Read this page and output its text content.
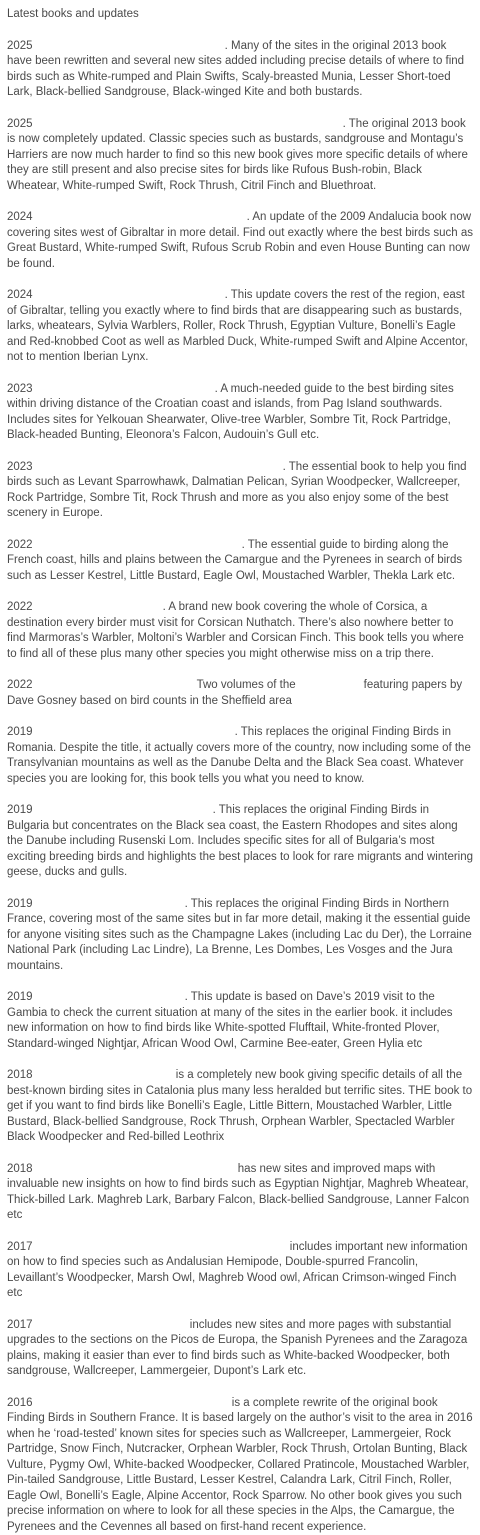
Latest books and updates

2025	. Many of the sites in the original 2013 book have been rewritten and several new sites added including precise details of where to find birds such as White-rumped and Plain Swifts, Scaly-breasted Munia, Lesser Short-toed Lark, Black-bellied Sandgrouse, Black-winged Kite and both bustards.

2025	. The original 2013 book is now completely updated. Classic species such as bustards, sandgrouse and Montagu’s Harriers are now much harder to find so this new book gives more specific details of where they are still present and also precise sites for birds like Rufous Bush-robin, Black Wheatear, White-rumped Swift, Rock Thrush, Citril Finch and Bluethroat.

2024	. An update of the 2009 Andalucia book now covering sites west of Gibraltar in more detail. Find out exactly where the best birds such as Great Bustard, White-rumped Swift, Rufous Scrub Robin and even House Bunting can now be found.

2024	. This update covers the rest of the region, east of Gibraltar, telling you exactly where to find birds that are disappearing such as bustards, larks, wheatears, Sylvia Warblers, Roller, Rock Thrush, Egyptian Vulture, Bonelli’s Eagle and Red-knobbed Coot as well as Marbled Duck, White-rumped Swift and Alpine Accentor, not to mention Iberian Lynx.

2023	. A much-needed guide to the best birding sites within driving distance of the Croatian coast and islands, from Pag Island southwards. Includes sites for Yelkouan Shearwater, Olive-tree Warbler, Sombre Tit, Rock Partridge, Black-headed Bunting, Eleonora’s Falcon, Audouin’s Gull etc.

2023	. The essential book to help you find birds such as Levant Sparrowhawk, Dalmatian Pelican, Syrian Woodpecker, Wallcreeper, Rock Partridge, Sombre Tit, Rock Thrush and more as you also enjoy some of the best scenery in Europe.

2022	. The essential guide to birding along the French coast, hills and plains between the Camargue and the Pyrenees in search of birds such as Lesser Kestrel, Little Bustard, Eagle Owl, Moustached Warbler, Thekla Lark etc.

2022	. A brand new book covering the whole of Corsica, a destination every birder must visit for Corsican Nuthatch. There’s also nowhere better to find Marmoras’s Warbler, Moltoni’s Warbler and Corsican Finch. This book tells you where to find all of these plus many other species you might otherwise miss on a trip there.

2022	Two volumes of the	featuring papers by Dave Gosney based on bird counts in the Sheffield area

2019	. This replaces the original Finding Birds in Romania. Despite the title, it actually covers more of the country, now including some of the Transylvanian mountains as well as the Danube Delta and the Black Sea coast. Whatever species you are looking for, this book tells you what you need to know.

2019	. This replaces the original Finding Birds in Bulgaria but concentrates on the Black sea coast, the Eastern Rhodopes and sites along the Danube including Rusenski Lom. Includes specific sites for all of Bulgaria’s most exciting breeding birds and highlights the best places to look for rare migrants and wintering geese, ducks and gulls.

2019	. This replaces the original Finding Birds in Northern France, covering most of the same sites but in far more detail, making it the essential guide for anyone visiting sites such as the Champagne Lakes (including Lac du Der), the Lorraine National Park (including Lac Lindre), La Brenne, Les Dombes, Les Vosges and the Jura mountains.

2019	. This update is based on Dave’s 2019 visit to the Gambia to check the current situation at many of the sites in the earlier book. it includes new information on how to find birds like White-spotted Flufftail, White-fronted Plover, Standard-winged Nightjar, African Wood Owl, Carmine Bee-eater, Green Hylia etc

2018	is a completely new book giving specific details of all the best-known birding sites in Catalonia plus many less heralded but terrific sites. THE book to get if you want to find birds like Bonelli’s Eagle, Little Bittern, Moustached Warbler, Little Bustard, Black-bellied Sandgrouse, Rock Thrush, Orphean Warbler, Spectacled Warbler Black Woodpecker and Red-billed Leothrix

2018	has new sites and improved maps with invaluable new insights on how to find birds such as Egyptian Nightjar, Maghreb Wheatear, Thick-billed Lark. Maghreb Lark, Barbary Falcon, Black-bellied Sandgrouse, Lanner Falcon etc

2017	includes important new information on how to find species such as Andalusian Hemipode, Double-spurred Francolin, Levaillant’s Woodpecker, Marsh Owl, Maghreb Wood owl, African Crimson-winged Finch etc

2017	includes new sites and more pages with substantial upgrades to the sections on the Picos de Europa, the Spanish Pyrenees and the Zaragoza plains, making it easier than ever to find birds such as White-backed Woodpecker, both sandgrouse, Wallcreeper, Lammergeier, Dupont’s Lark etc.

2016	is a complete rewrite of the original book Finding Birds in Southern France. It is based largely on the author’s visit to the area in 2016 when he ‘road-tested’ known sites for species such as Wallcreeper, Lammergeier, Rock Partridge, Snow Finch, Nutcracker, Orphean Warbler, Rock Thrush, Ortolan Bunting, Black Vulture, Pygmy Owl, White-backed Woodpecker, Collared Pratincole, Moustached Warbler, Pin-tailed Sandgrouse, Little Bustard, Lesser Kestrel, Calandra Lark, Citril Finch, Roller, Eagle Owl, Bonelli’s Eagle, Alpine Accentor, Rock Sparrow. No other book gives you such precise information on where to look for all these species in the Alps, the Camargue, the Pyrenees and the Cevennes all based on first-hand recent experience.
